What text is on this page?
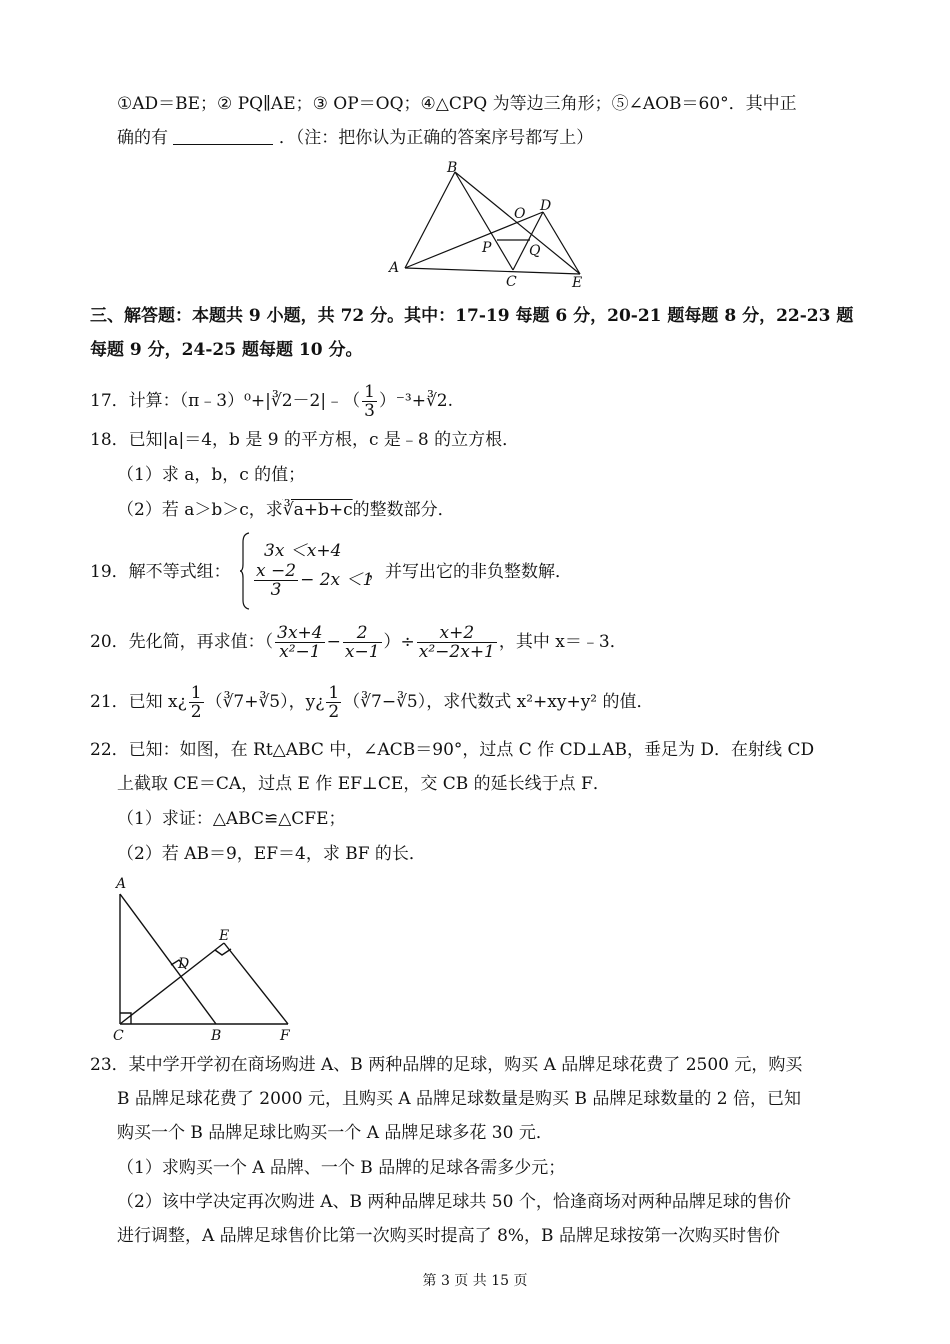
①AD＝BE；② PQ∥AE；③ OP＝OQ；④△CPQ 为等边三角形；⑤∠AOB＝60°．其中正
确的有	．（注：把你认为正确的答案序号都写上）
B
O D
P	Q
A
C	E
三、解答题：本题共 9 小题，共 72 分。其中：17-19 每题 6 分，20-21 题每题 8 分，22-23 题
每题 9 分，24-25 题每题 10 分。
17．计算：（π﹣3）⁰+|∛2－2|﹣（ $\frac{1}{3}$ ）⁻³+∛2.
18．已知|a|＝4，b 是 9 的平方根，c 是﹣8 的立方根．
（1）求 a，b，c 的值；
（2）若 a＞b＞c，求∛a+b+c的整数部分．
19．解不等式组：
3x ＜x+4
$\frac{x -2}{3} - 2x <1$
，并写出它的非负整数解．
20．先化简，再求值：（ $\frac{3x+4}{\text{x²−1}} - \frac{2}{x-1}$ ）÷ $\frac{x+2}{\text{x²−2x+1}}$ ，其中 x＝﹣3．
21．已知 x¿ $\frac{1}{2}$ （∛7+∛5），y¿ $\frac{1}{2}$ （∛7−∛5），求代数式 x²+xy+y² 的值．
22．已知：如图，在 Rt△ABC 中，∠ACB＝90°，过点 C 作 CD⊥AB，垂足为 D．在射线 CD
上截取 CE＝CA，过点 E 作 EF⊥CE，交 CB 的延长线于点 F．
（1）求证：△ABC≌△CFE；
（2）若 AB＝9，EF＝4，求 BF 的长．
A
E
D
C	B	F
23．某中学开学初在商场购进 A、B 两种品牌的足球，购买 A 品牌足球花费了 2500 元，购买
B 品牌足球花费了 2000 元，且购买 A 品牌足球数量是购买 B 品牌足球数量的 2 倍，已知
购买一个 B 品牌足球比购买一个 A 品牌足球多花 30 元．
（1）求购买一个 A 品牌、一个 B 品牌的足球各需多少元；
（2）该中学决定再次购进 A、B 两种品牌足球共 50 个，恰逢商场对两种品牌足球的售价
进行调整，A 品牌足球售价比第一次购买时提高了 8%，B 品牌足球按第一次购买时售价
第 3 页 共 15 页
